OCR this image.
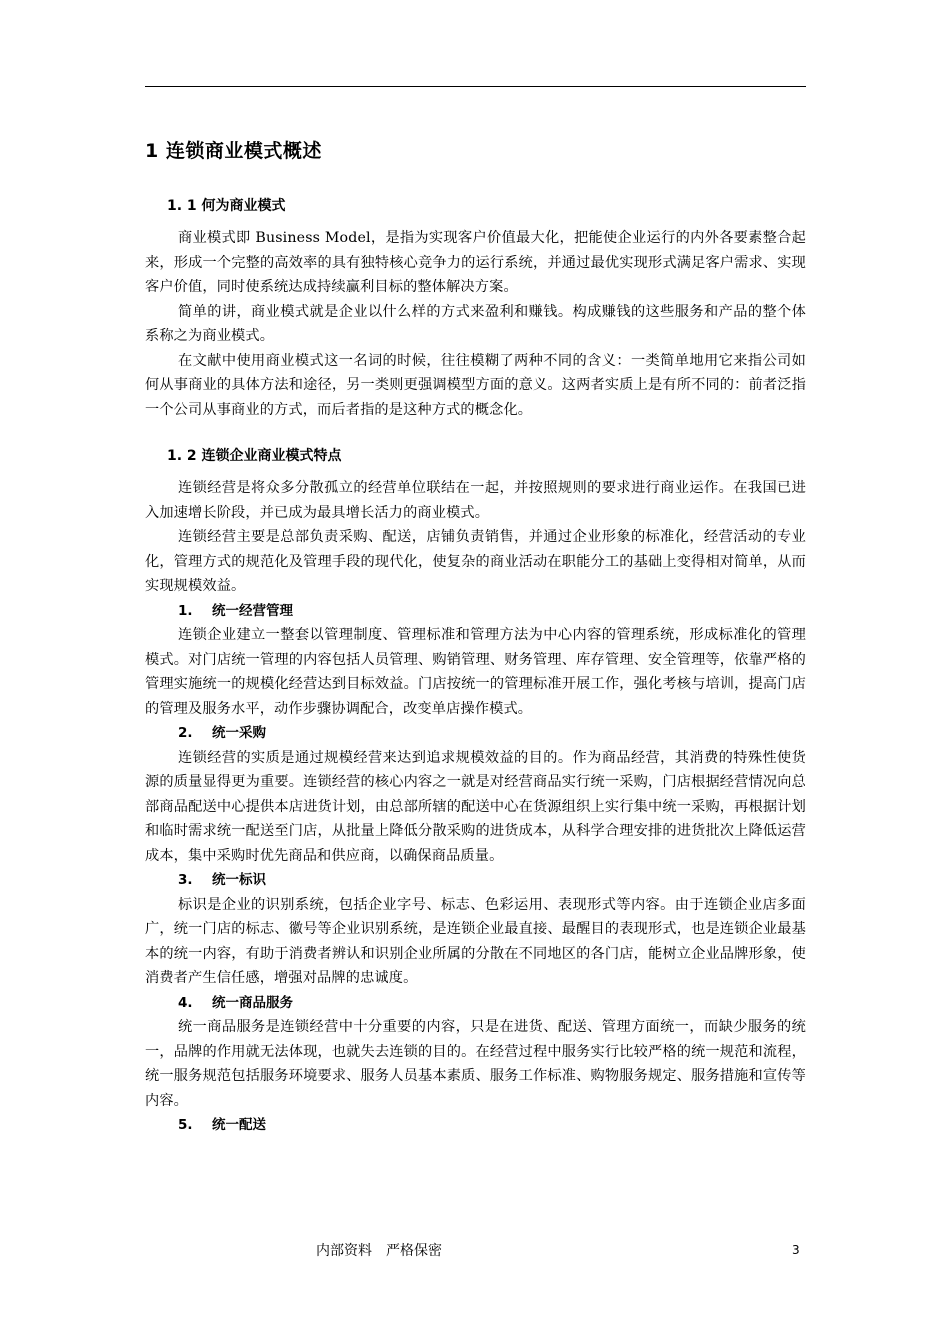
1 连锁商业模式概述
1. 1 何为商业模式

商业模式即 Business Model，是指为实现客户价值最大化，把能使企业运行的内外各要素整合起来，形成一个完整的高效率的具有独特核心竞争力的运行系统，并通过最优实现形式满足客户需求、实现客户价值，同时使系统达成持续赢利目标的整体解决方案。

简单的讲，商业模式就是企业以什么样的方式来盈利和赚钱。构成赚钱的这些服务和产品的整个体系称之为商业模式。

在文献中使用商业模式这一名词的时候，往往模糊了两种不同的含义：一类简单地用它来指公司如何从事商业的具体方法和途径，另一类则更强调模型方面的意义。这两者实质上是有所不同的：前者泛指一个公司从事商业的方式，而后者指的是这种方式的概念化。

1. 2 连锁企业商业模式特点

连锁经营是将众多分散孤立的经营单位联结在一起，并按照规则的要求进行商业运作。在我国已进入加速增长阶段，并已成为最具增长活力的商业模式。

连锁经营主要是总部负责采购、配送，店铺负责销售，并通过企业形象的标准化，经营活动的专业化，管理方式的规范化及管理手段的现代化，使复杂的商业活动在职能分工的基础上变得相对简单，从而实现规模效益。

1. 统一经营管理

连锁企业建立一整套以管理制度、管理标准和管理方法为中心内容的管理系统，形成标准化的管理模式。对门店统一管理的内容包括人员管理、购销管理、财务管理、库存管理、安全管理等，依靠严格的管理实施统一的规模化经营达到目标效益。门店按统一的管理标准开展工作，强化考核与培训，提高门店的管理及服务水平，动作步骤协调配合，改变单店操作模式。

2. 统一采购

连锁经营的实质是通过规模经营来达到追求规模效益的目的。作为商品经营，其消费的特殊性使货源的质量显得更为重要。连锁经营的核心内容之一就是对经营商品实行统一采购，门店根据经营情况向总部商品配送中心提供本店进货计划，由总部所辖的配送中心在货源组织上实行集中统一采购，再根据计划和临时需求统一配送至门店，从批量上降低分散采购的进货成本，从科学合理安排的进货批次上降低运营成本，集中采购时优先商品和供应商，以确保商品质量。

3. 统一标识

标识是企业的识别系统，包括企业字号、标志、色彩运用、表现形式等内容。由于连锁企业店多面广，统一门店的标志、徽号等企业识别系统，是连锁企业最直接、最醒目的表现形式，也是连锁企业最基本的统一内容，有助于消费者辨认和识别企业所属的分散在不同地区的各门店，能树立企业品牌形象，使消费者产生信任感，增强对品牌的忠诚度。

4. 统一商品服务

统一商品服务是连锁经营中十分重要的内容，只是在进货、配送、管理方面统一，而缺少服务的统一，品牌的作用就无法体现，也就失去连锁的目的。在经营过程中服务实行比较严格的统一规范和流程，统一服务规范包括服务环境要求、服务人员基本素质、服务工作标准、购物服务规定、服务措施和宣传等内容。

5. 统一配送
内部资料　严格保密	3
